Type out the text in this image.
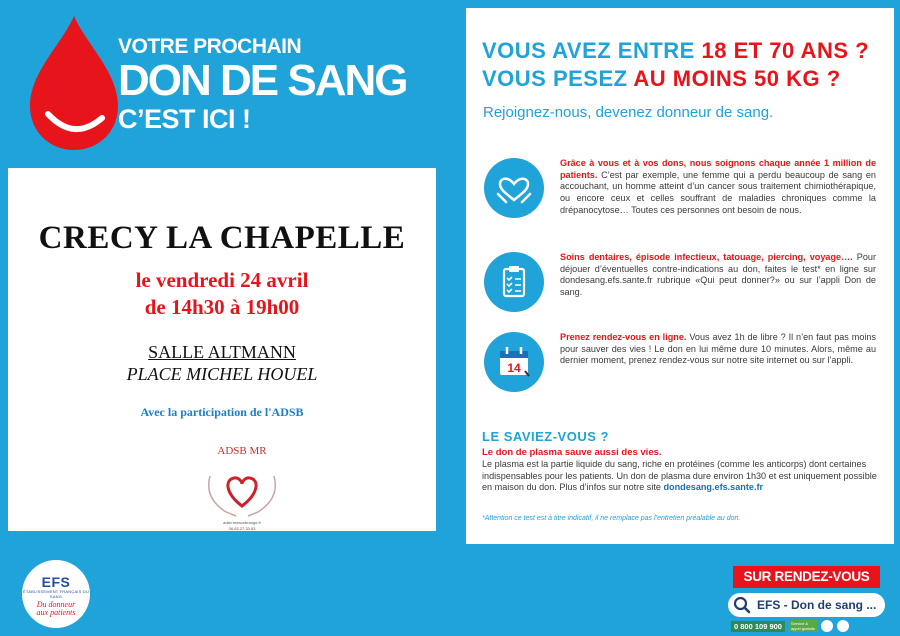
VOTRE PROCHAIN
DON DE SANG
C’EST ICI !
CRECY LA CHAPELLE
le vendredi 24 avril
de 14h30 à 19h00
SALLE ALTMANN
PLACE MICHEL HOUEL
Avec la participation de l'ADSB
ADSB MR
adsb.meauxbrango.fr
06.63.27.33.53
VOUS AVEZ ENTRE 18 ET 70 ANS ?
VOUS PESEZ AU MOINS 50 KG ?
Rejoignez-nous, devenez donneur de sang.
Grâce à vous et à vos dons, nous soignons chaque année 1 million de patients. C’est par exemple, une femme qui a perdu beaucoup de sang en accouchant, un homme atteint d’un cancer sous traitement chimiothérapique, ou encore ceux et celles souffrant de maladies chroniques comme la drépanocytose… Toutes ces personnes ont besoin de nous.
Soins dentaires, épisode infectieux, tatouage, piercing, voyage…. Pour déjouer d’éventuelles contre-indications au don, faites le test* en ligne sur dondesang.efs.sante.fr rubrique «Qui peut donner?» ou sur l’appli Don de sang.
14
Prenez rendez-vous en ligne. Vous avez 1h de libre ? Il n’en faut pas moins pour sauver des vies ! Le don en lui même dure 10 minutes. Alors, même au dernier moment, prenez rendez-vous sur notre site internet ou sur l’appli.
LE SAVIEZ-VOUS ?
Le don de plasma sauve aussi des vies.
Le plasma est la partie liquide du sang, riche en protéines (comme les anticorps) dont certaines indispensables pour les patients. Un don de plasma dure environ 1h30 et est uniquement possible en maison du don. Plus d’infos sur notre site dondesang.efs.sante.fr
*Attention ce test est à titre indicatif, il ne remplace pas l’entretien préalable au don.
EFS
ÉTABLISSEMENT FRANÇAIS DU SANG
Du donneur
aux patients
SUR RENDEZ-VOUS
EFS - Don de sang ...
0 800 109 900	Service & appel gratuits
